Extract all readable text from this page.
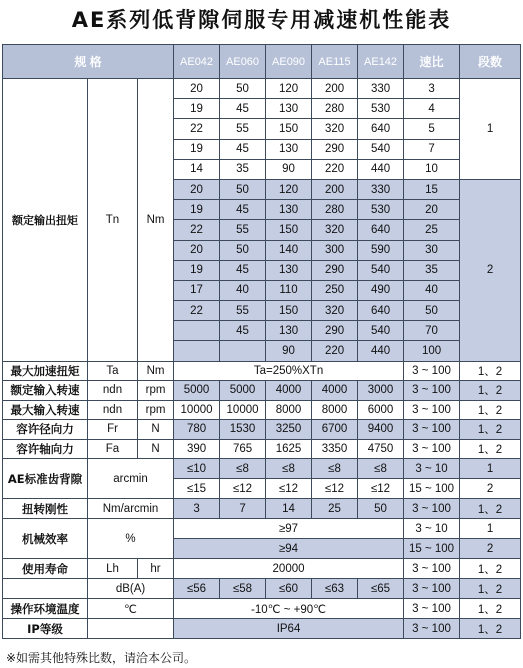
AE系列低背隙伺服专用减速机性能表
规 格			AE042	AE060	AE090	AE115	AE142	速比	段数
额定输出扭矩	Tn	Nm	20	50	120	200	330	3	1
			19	45	130	280	530	4	
			22	55	150	320	640	5	
			19	45	130	290	540	7	
			14	35	90	220	440	10	
			20	50	120	200	330	15	2
			19	45	130	280	530	20	
			22	55	150	320	640	25	
			20	50	140	300	590	30	
			19	45	130	290	540	35	
			17	40	110	250	490	40	
			22	55	150	320	640	50	
				45	130	290	540	70	
					90	220	440	100	
最大加速扭矩	Ta	Nm	Ta=250%XTn					3 ~ 100	1、2
额定输入转速	ndn	rpm	5000	5000	4000	4000	3000	3 ~ 100	1、2
最大输入转速	ndn	rpm	10000	10000	8000	8000	6000	3 ~ 100	1、2
容许径向力	Fr	N	780	1530	3250	6700	9400	3 ~ 100	1、2
容许轴向力	Fa	N	390	765	1625	3350	4750	3 ~ 100	1、2
AE标准齿背隙	arcmin		≤10	≤8	≤8	≤8	≤8	3 ~ 10	1
			≤15	≤12	≤12	≤12	≤12	15 ~ 100	2
扭转刚性	Nm/arcmin		3	7	14	25	50	3 ~ 100	1、2
机械效率	%		≥97					3 ~ 10	1
			≥94					15 ~ 100	2
使用寿命	Lh	hr	20000					3 ~ 100	1、2
	dB(A)		≤56	≤58	≤60	≤63	≤65	3 ~ 100	1、2
操作环境温度	℃		-10℃ ~ +90℃					3 ~ 100	1、2
IP等级			IP64					3 ~ 100	1、2
※如需其他特殊比数，请洽本公司。
